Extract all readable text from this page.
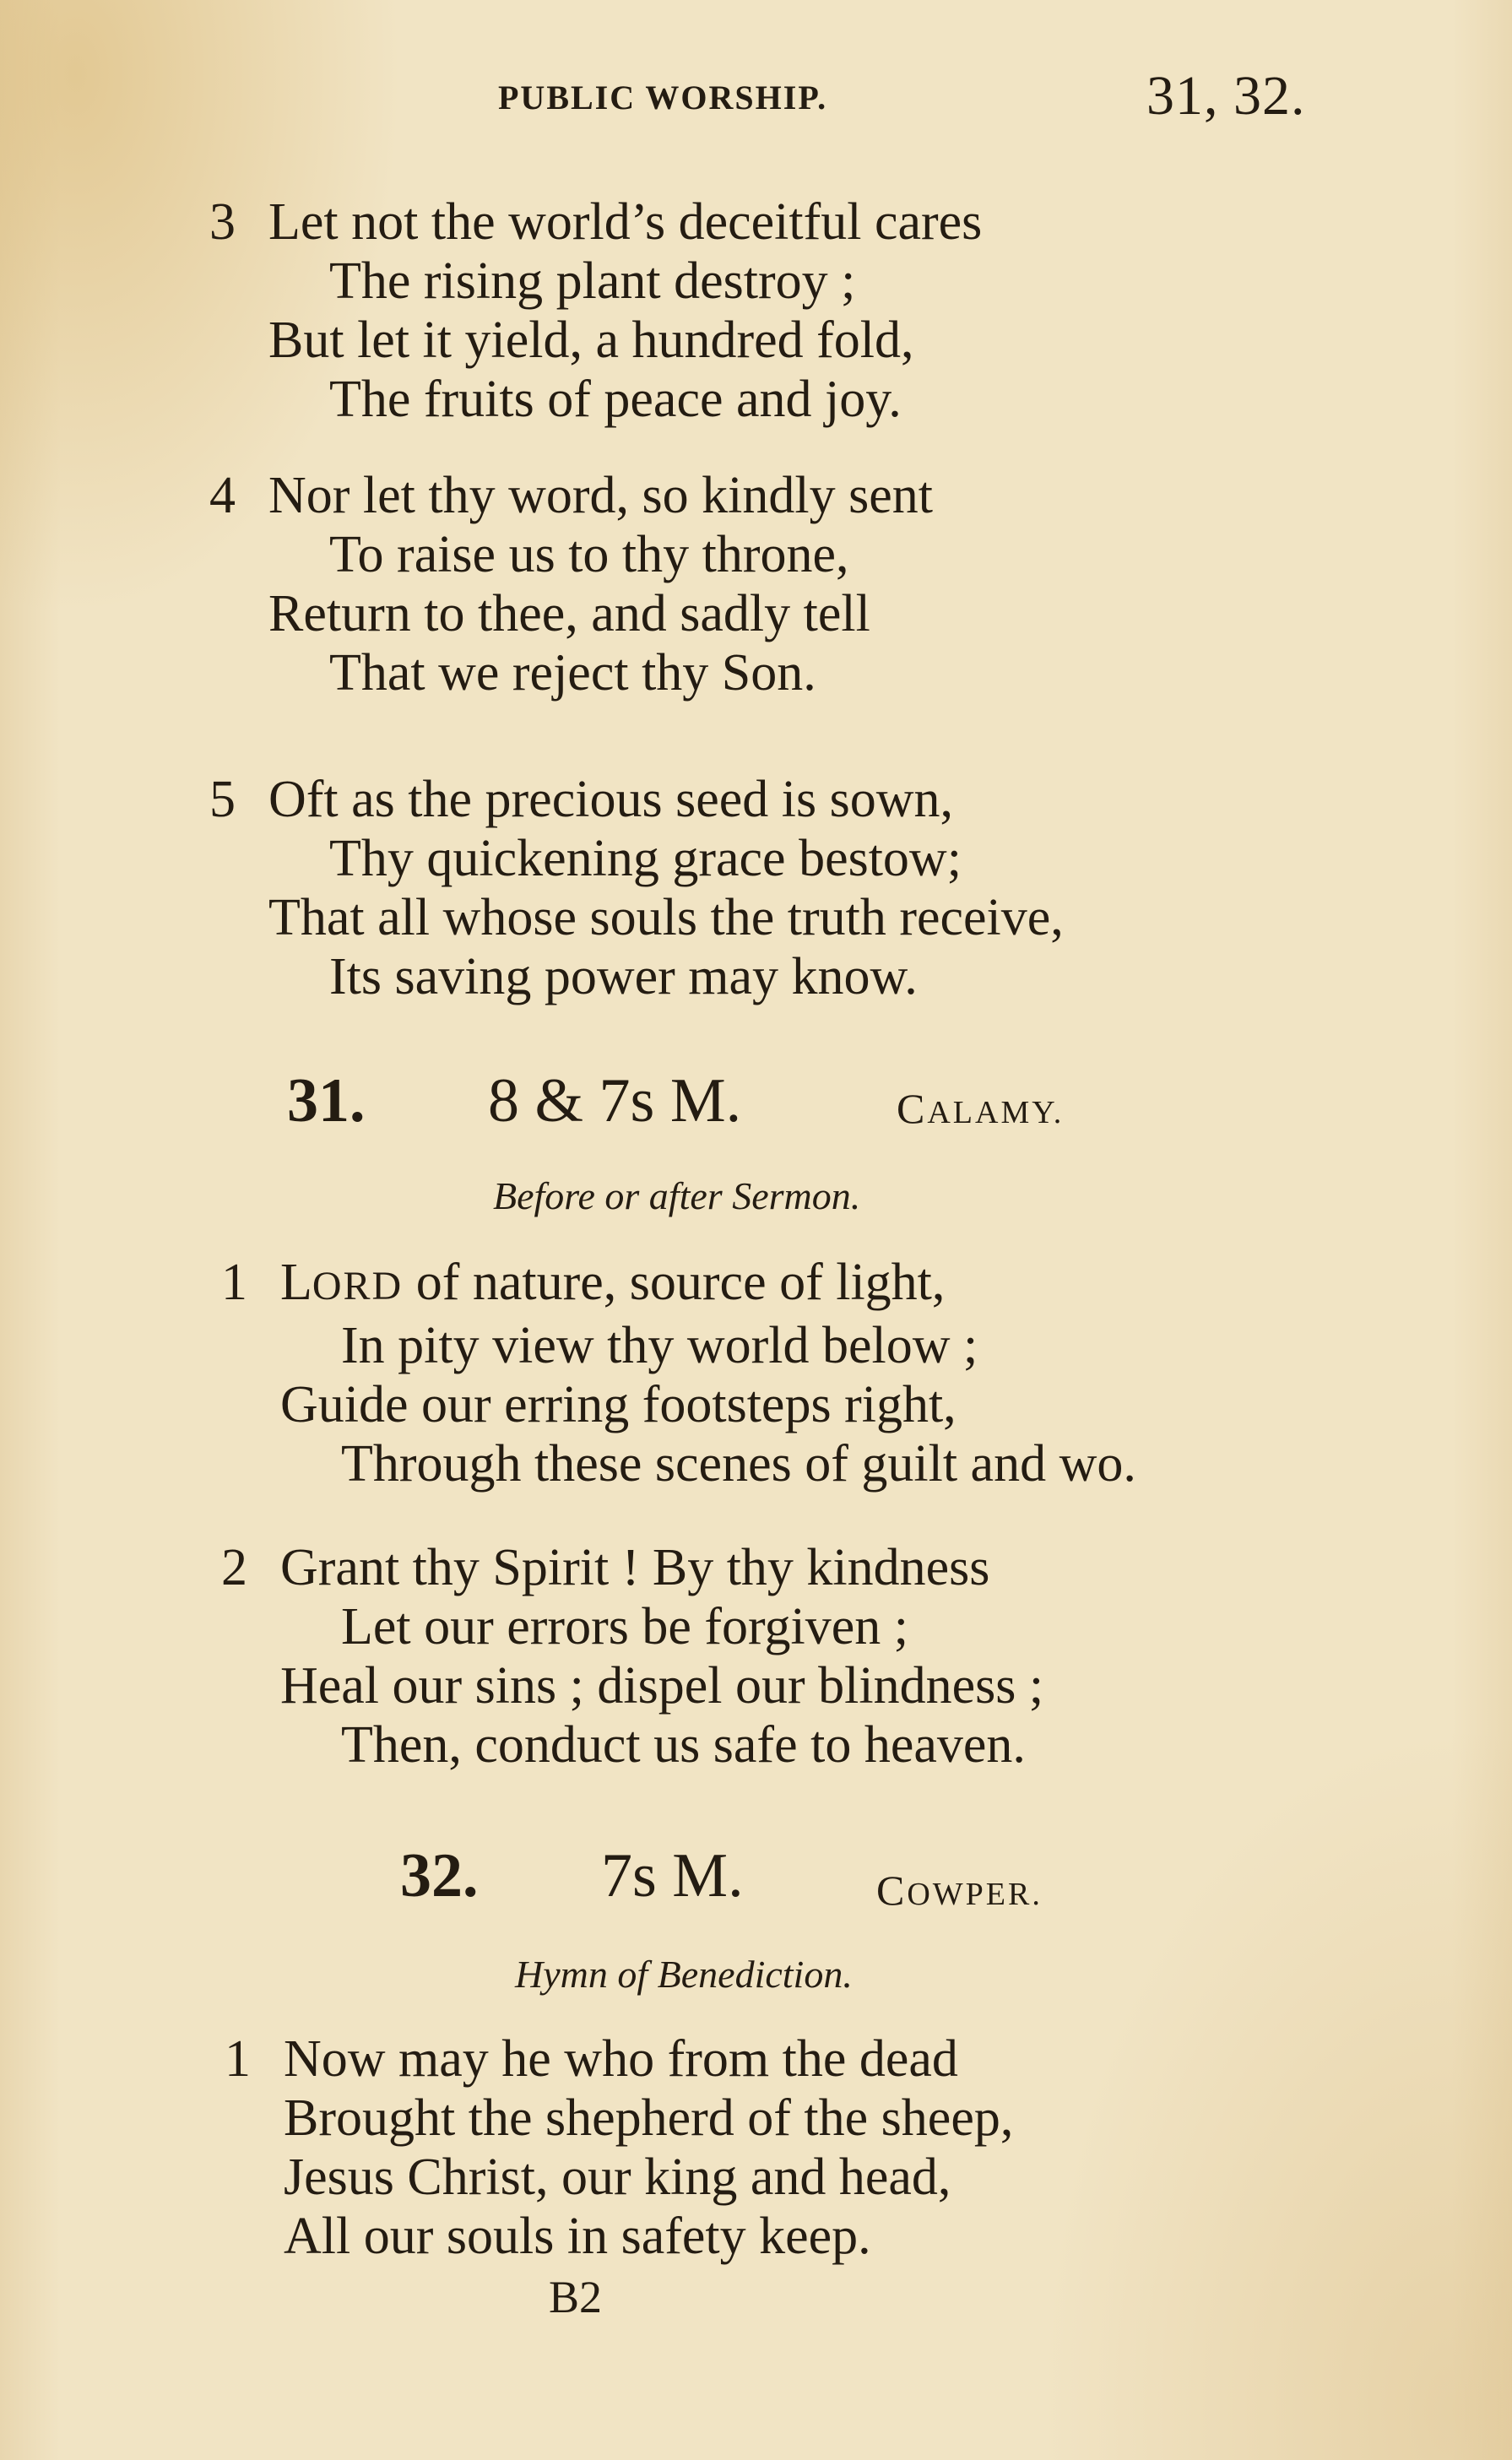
PUBLIC WORSHIP.	31, 32.
3 Let not the world’s deceitful cares
The rising plant destroy ;
But let it yield, a hundred fold,
The fruits of peace and joy.
4 Nor let thy word, so kindly sent
To raise us to thy throne,
Return to thee, and sadly tell
That we reject thy Son.
5 Oft as the precious seed is sown,
Thy quickening grace bestow;
That all whose souls the truth receive,
Its saving power may know.
31. 8 & 7s M.	CALAMY.
Before or after Sermon.
1 LORD of nature, source of light,
In pity view thy world below ;
Guide our erring footsteps right,
Through these scenes of guilt and wo.
2 Grant thy Spirit ! By thy kindness
Let our errors be forgiven ;
Heal our sins ; dispel our blindness ;
Then, conduct us safe to heaven.
32. 7s M.	COWPER.
Hymn of Benediction.
1 Now may he who from the dead
Brought the shepherd of the sheep,
Jesus Christ, our king and head,
All our souls in safety keep.
B2
